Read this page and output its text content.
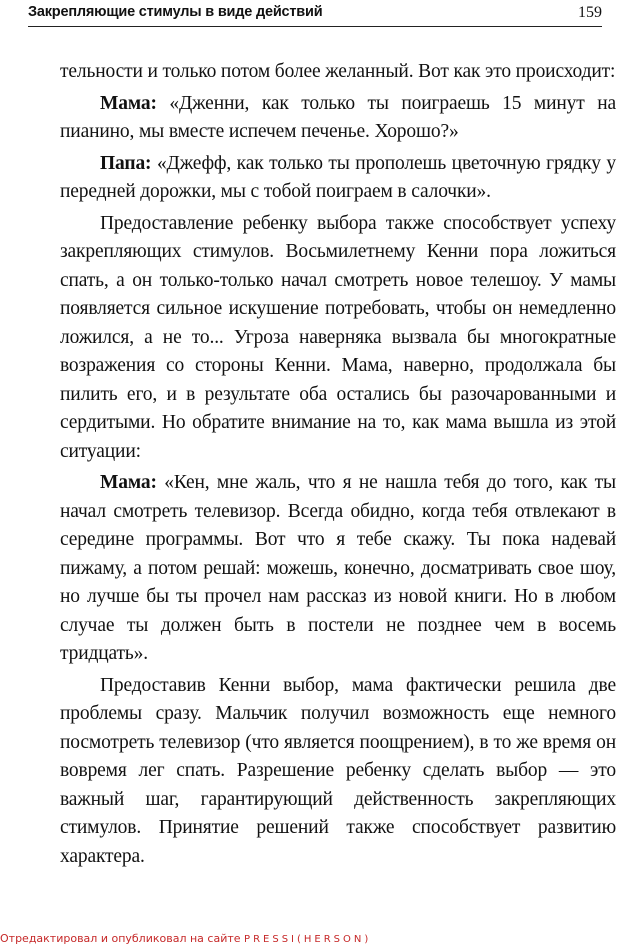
Закрепляющие стимулы в виде действий	159

тельности и только потом более желанный. Вот как это происходит:

Мама: «Дженни, как только ты поиграешь 15 минут на пианино, мы вместе испечем печенье. Хорошо?»

Папа: «Джефф, как только ты прополешь цветочную грядку у передней дорожки, мы с тобой поиграем в салочки».

Предоставление ребенку выбора также способствует успеху закрепляющих стимулов. Восьмилетнему Кенни пора ложиться спать, а он только-только начал смотреть новое телешоу. У мамы появляется сильное искушение потребовать, чтобы он немедленно ложился, а не то... Угроза наверняка вызвала бы многократные возражения со стороны Кенни. Мама, наверно, продолжала бы пилить его, и в результате оба остались бы разочарованными и сердитыми. Но обратите внимание на то, как мама вышла из этой ситуации:

Мама: «Кен, мне жаль, что я не нашла тебя до того, как ты начал смотреть телевизор. Всегда обидно, когда тебя отвлекают в середине программы. Вот что я тебе скажу. Ты пока надевай пижаму, а потом решай: можешь, конечно, досматривать свое шоу, но лучше бы ты прочел нам рассказ из новой книги. Но в любом случае ты должен быть в постели не позднее чем в восемь тридцать».

Предоставив Кенни выбор, мама фактически решила две проблемы сразу. Мальчик получил возможность еще немного посмотреть телевизор (что является поощрением), в то же время он вовремя лег спать. Разрешение ребенку сделать выбор — это важный шаг, гарантирующий действенность закрепляющих стимулов. Принятие решений также способствует развитию характера.

Отредактировал и опубликовал на сайте PRESSI(HERSON)
